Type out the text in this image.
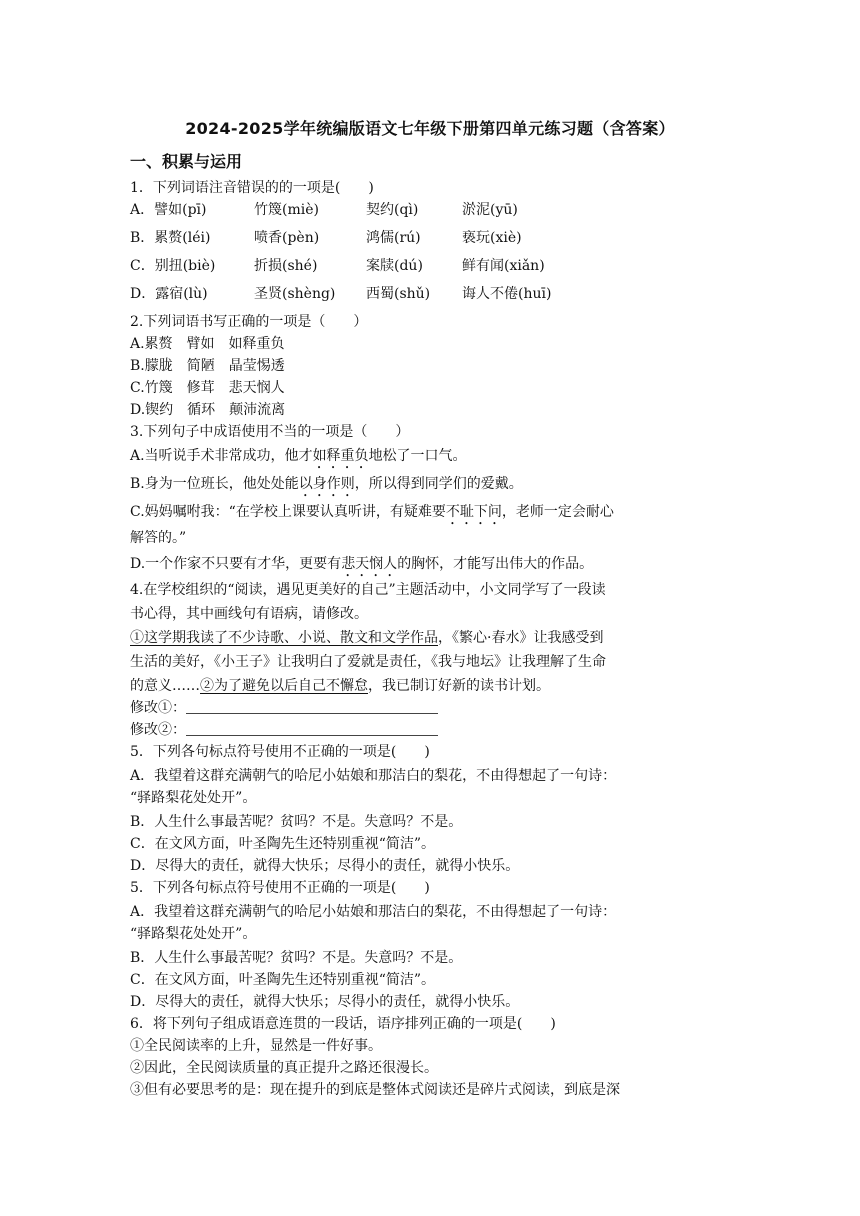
2024-2025学年统编版语文七年级下册第四单元练习题（含答案）
一、积累与运用
1．下列词语注音错误的的一项是(　　)
A．譬如(pī)	竹篾(miè)	契约(qì)	淤泥(yū)
B．累赘(léi)	喷香(pèn)	鸿儒(rú)	亵玩(xiè)
C．别扭(biè)	折损(shé)	案牍(dú)	鲜有闻(xiǎn)
D．露宿(lù)	圣贤(shèng) 西蜀(shǔ) 诲人不倦(huī)
2.下列词语书写正确的一项是（　　）
A.累赘　臂如　如释重负
B.朦胧　简陋　晶莹惕透
C.竹篾　修茸　悲天悯人
D.锲约　循环　颠沛流离
3.下列句子中成语使用不当的一项是（　　）
A.当听说手术非常成功，他才如释重负地松了一口气。
B.身为一位班长，他处处能以身作则，所以得到同学们的爱戴。
C.妈妈嘱咐我：“在学校上课要认真听讲，有疑难要不耻下问，老师一定会耐心
解答的。”
D.一个作家不只要有才华，更要有悲天悯人的胸怀，才能写出伟大的作品。
4.在学校组织的“阅读，遇见更美好的自己”主题活动中，小文同学写了一段读
书心得，其中画线句有语病，请修改。
①这学期我读了不少诗歌、小说、散文和文学作品，《繁心·春水》让我感受到
生活的美好，《小王子》让我明白了爱就是责任，《我与地坛》让我理解了生命
的意义……②为了避免以后自己不懈怠，我已制订好新的读书计划。
修改①：
修改②：
5．下列各句标点符号使用不正确的一项是(　　)
A．我望着这群充满朝气的哈尼小姑娘和那洁白的梨花，不由得想起了一句诗：
“驿路梨花处处开”。
B．人生什么事最苦呢？贫吗？不是。失意吗？不是。
C．在文风方面，叶圣陶先生还特别重视“简洁”。
D．尽得大的责任，就得大快乐；尽得小的责任，就得小快乐。
5．下列各句标点符号使用不正确的一项是(　　)
A．我望着这群充满朝气的哈尼小姑娘和那洁白的梨花，不由得想起了一句诗：
“驿路梨花处处开”。
B．人生什么事最苦呢？贫吗？不是。失意吗？不是。
C．在文风方面，叶圣陶先生还特别重视“简洁”。
D．尽得大的责任，就得大快乐；尽得小的责任，就得小快乐。
6．将下列句子组成语意连贯的一段话，语序排列正确的一项是(　　)
①全民阅读率的上升，显然是一件好事。
②因此，全民阅读质量的真正提升之路还很漫长。
③但有必要思考的是：现在提升的到底是整体式阅读还是碎片式阅读，到底是深
